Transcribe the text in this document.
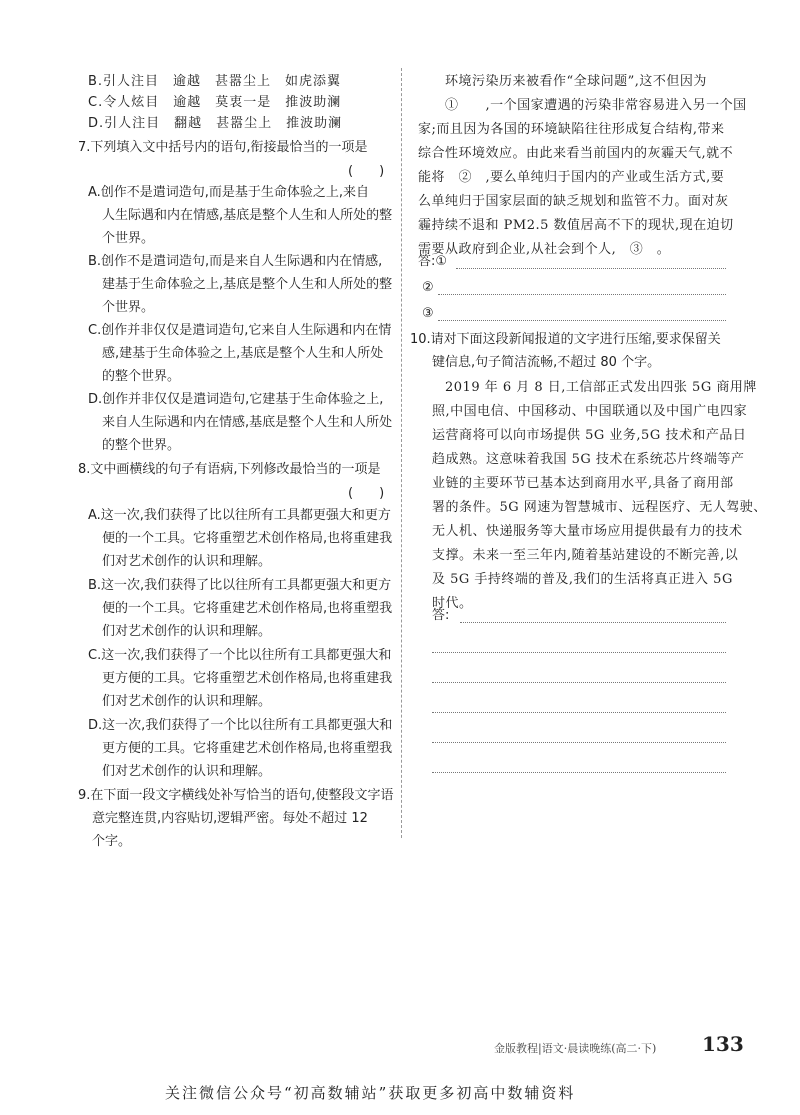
B.引人注目　逾越　甚嚣尘上　如虎添翼

C.令人炫目　逾越　莫衷一是　推波助澜

D.引人注目　翻越　甚嚣尘上　推波助澜

7.下列填入文中括号内的语句,衔接最恰当的一项是

(　　)

A.创作不是遣词造句,而是基于生命体验之上,来自

人生际遇和内在情感,基底是整个人生和人所处的整

个世界。

B.创作不是遣词造句,而是来自人生际遇和内在情感,

建基于生命体验之上,基底是整个人生和人所处的整

个世界。

C.创作并非仅仅是遣词造句,它来自人生际遇和内在情

感,建基于生命体验之上,基底是整个人生和人所处

的整个世界。

D.创作并非仅仅是遣词造句,它建基于生命体验之上,

来自人生际遇和内在情感,基底是整个人生和人所处

的整个世界。

8.文中画横线的句子有语病,下列修改最恰当的一项是

(　　)

A.这一次,我们获得了比以往所有工具都更强大和更方

便的一个工具。它将重塑艺术创作格局,也将重建我

们对艺术创作的认识和理解。

B.这一次,我们获得了比以往所有工具都更强大和更方

便的一个工具。它将重建艺术创作格局,也将重塑我

们对艺术创作的认识和理解。

C.这一次,我们获得了一个比以往所有工具都更强大和

更方便的工具。它将重塑艺术创作格局,也将重建我

们对艺术创作的认识和理解。

D.这一次,我们获得了一个比以往所有工具都更强大和

更方便的工具。它将重建艺术创作格局,也将重塑我

们对艺术创作的认识和理解。

9.在下面一段文字横线处补写恰当的语句,使整段文字语

意完整连贯,内容贴切,逻辑严密。每处不超过 12

个字。

　　环境污染历来被看作“全球问题”,这不但因为

　　①　　,一个国家遭遇的污染非常容易进入另一个国

家;而且因为各国的环境缺陷往往形成复合结构,带来

综合性环境效应。由此来看当前国内的灰霾天气,就不

能将　②　,要么单纯归于国内的产业或生活方式,要

么单纯归于国家层面的缺乏规划和监管不力。面对灰

霾持续不退和 PM2.5 数值居高不下的现状,现在迫切

需要从政府到企业,从社会到个人,　③　。

答:①

②

③

10.请对下面这段新闻报道的文字进行压缩,要求保留关

键信息,句子简洁流畅,不超过 80 个字。

　　2019 年 6 月 8 日,工信部正式发出四张 5G 商用牌

照,中国电信、中国移动、中国联通以及中国广电四家

运营商将可以向市场提供 5G 业务,5G 技术和产品日

趋成熟。这意味着我国 5G 技术在系统芯片终端等产

业链的主要环节已基本达到商用水平,具备了商用部

署的条件。5G 网速为智慧城市、远程医疗、无人驾驶、

无人机、快递服务等大量市场应用提供最有力的技术

支撑。未来一至三年内,随着基站建设的不断完善,以

及 5G 手持终端的普及,我们的生活将真正进入 5G

时代。

答:

金版教程|语文·晨读晚练(高二·下) 133
关注微信公众号“初高数辅站”获取更多初高中数辅资料
